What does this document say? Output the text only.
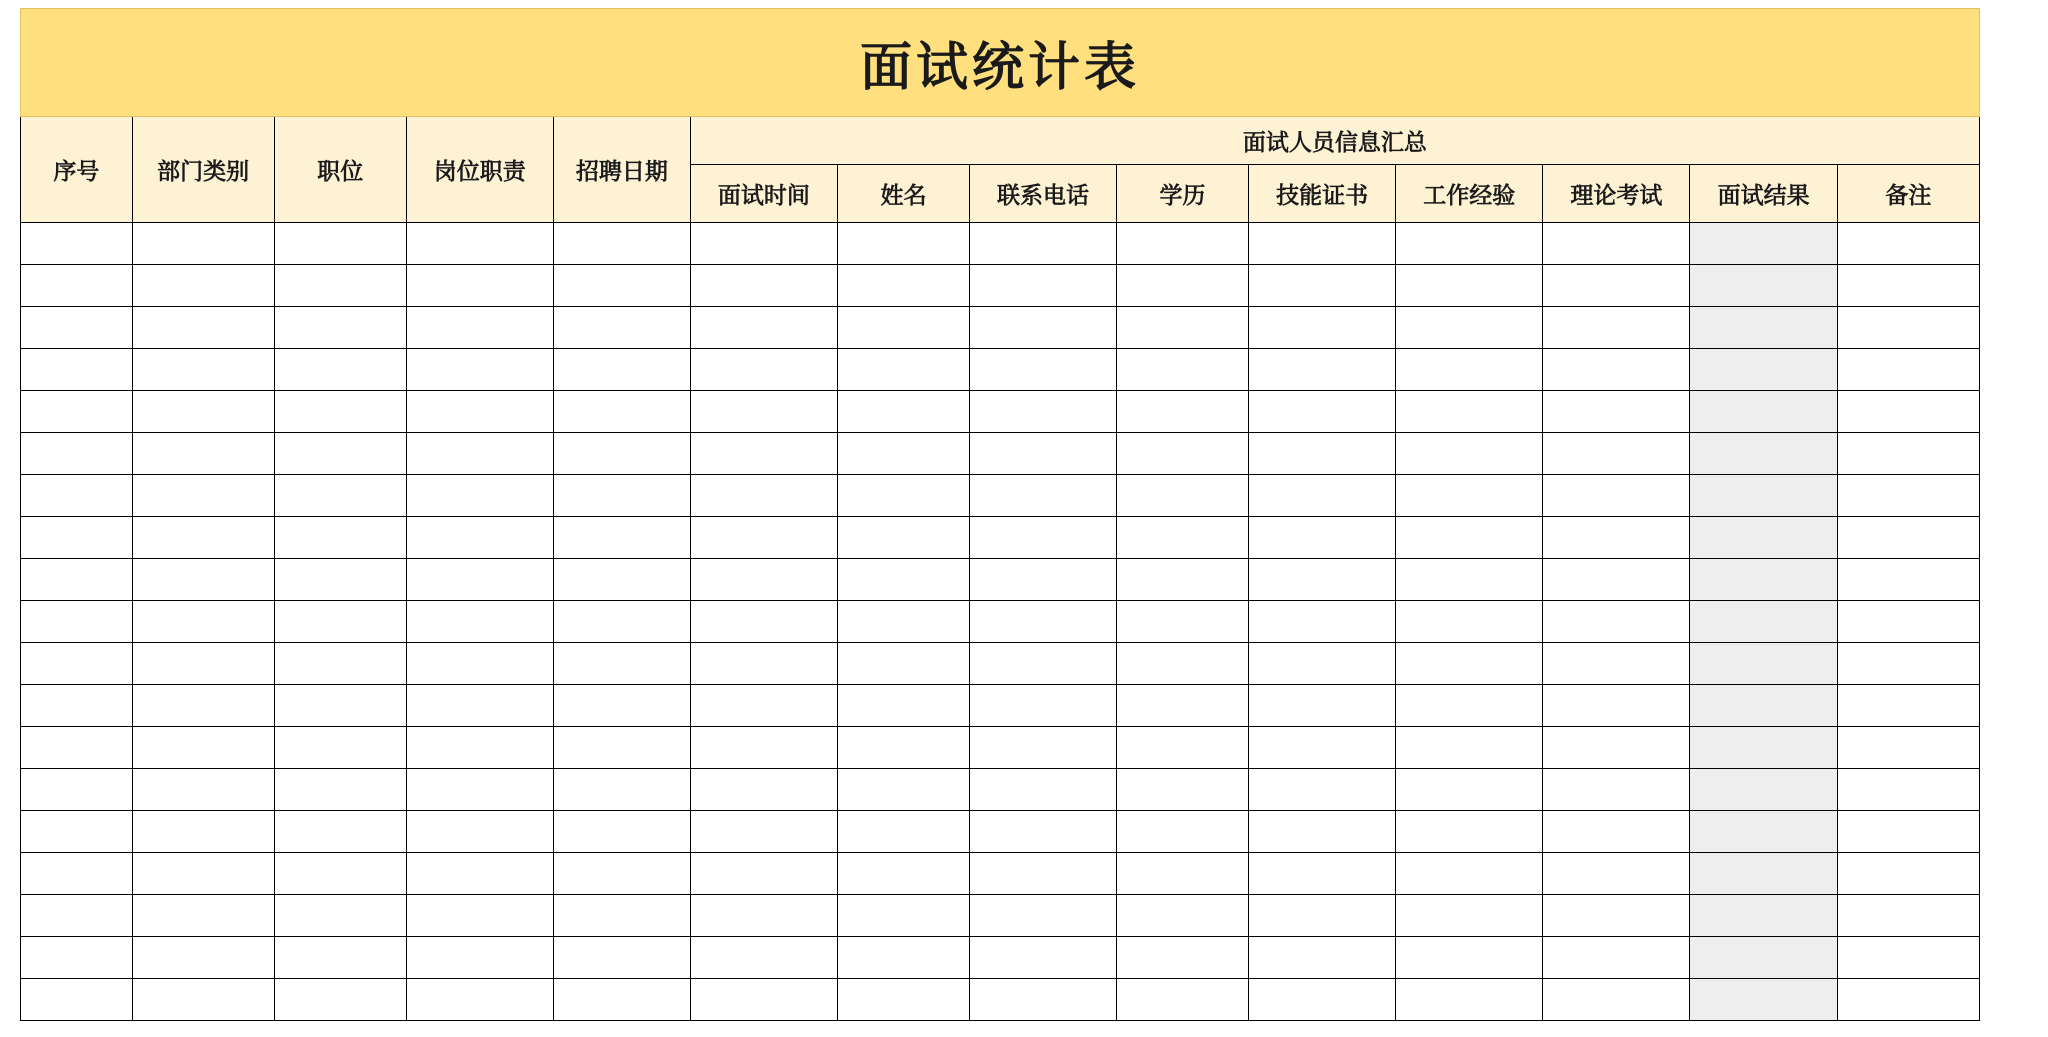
面试统计表													
序号	部门类别	职位	岗位职责	招聘日期	面试人员信息汇总								
					面试时间	姓名	联系电话	学历	技能证书	工作经验	理论考试	面试结果	备注
